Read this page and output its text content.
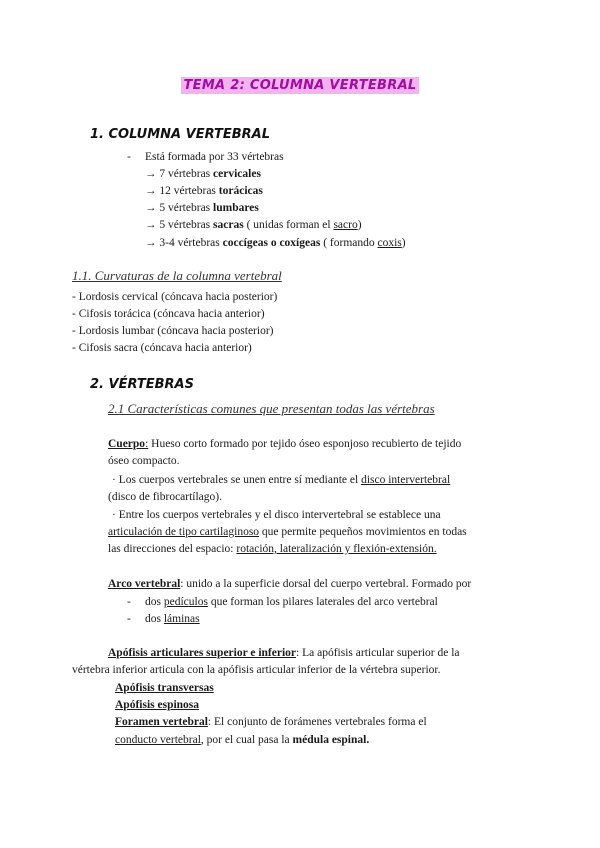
TEMA 2: COLUMNA VERTEBRAL
1. COLUMNA VERTEBRAL
- Está formada por 33 vértebras
→ 7 vértebras cervicales
→ 12 vértebras torácicas
→ 5 vértebras lumbares
→ 5 vértebras sacras ( unidas forman el sacro)
→ 3-4 vértebras coccígeas o coxígeas ( formando coxis)
1.1. Curvaturas de la columna vertebral
- Lordosis cervical (cóncava hacia posterior)
- Cifosis torácica (cóncava hacia anterior)
- Lordosis lumbar (cóncava hacia posterior)
- Cifosis sacra (cóncava hacia anterior)
2. VÉRTEBRAS
2.1 Características comunes que presentan todas las vértebras
Cuerpo: Hueso corto formado por tejido óseo esponjoso recubierto de tejido
óseo compacto.
· Los cuerpos vertebrales se unen entre sí mediante el disco intervertebral
(disco de fibrocartílago).
· Entre los cuerpos vertebrales y el disco intervertebral se establece una
articulación de tipo cartilaginoso que permite pequeños movimientos en todas
las direcciones del espacio: rotación, lateralización y flexión-extensión.
Arco vertebral: unido a la superficie dorsal del cuerpo vertebral. Formado por
- dos pedículos que forman los pilares laterales del arco vertebral
- dos láminas
Apófisis articulares superior e inferior: La apófisis articular superior de la
vértebra inferior articula con la apófisis articular inferior de la vértebra superior.
Apófisis transversas
Apófisis espinosa
Foramen vertebral: El conjunto de forámenes vertebrales forma el
conducto vertebral, por el cual pasa la médula espinal.
